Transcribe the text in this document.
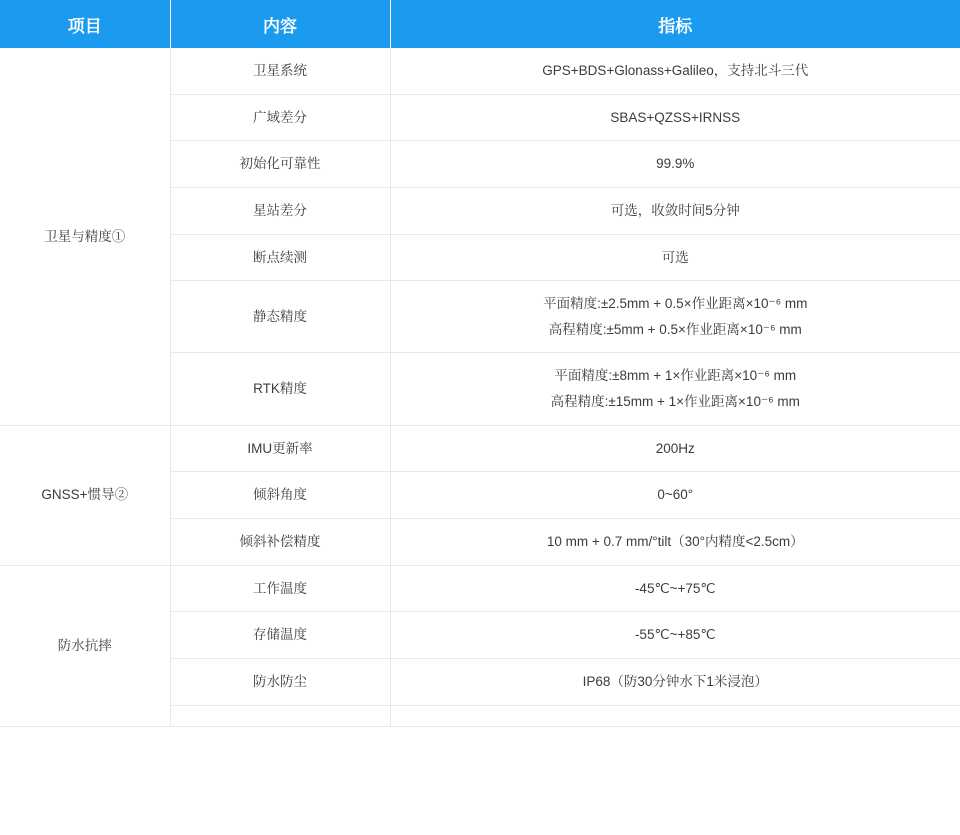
项目	内容	指标
卫星与精度①	卫星系统	GPS+BDS+Glonass+Galileo，支持北斗三代

	广域差分	SBAS+QZSS+IRNSS

	初始化可靠性	99.9%

	星站差分	可选，收敛时间5分钟

	断点续测	可选

	静态精度	平面精度:±2.5mm + 0.5×作业距离×10⁻⁶ mm
高程精度:±5mm + 0.5×作业距离×10⁻⁶ mm

	RTK精度	平面精度:±8mm + 1×作业距离×10⁻⁶ mm
高程精度:±15mm + 1×作业距离×10⁻⁶ mm

GNSS+惯导②	IMU更新率	200Hz

	倾斜角度	0~60°

	倾斜补偿精度	10 mm + 0.7 mm/°tilt（30°内精度<2.5cm）

防水抗摔	工作温度	-45℃~+75℃

	存储温度	-55℃~+85℃

	防水防尘	IP68（防30分钟水下1米浸泡）
